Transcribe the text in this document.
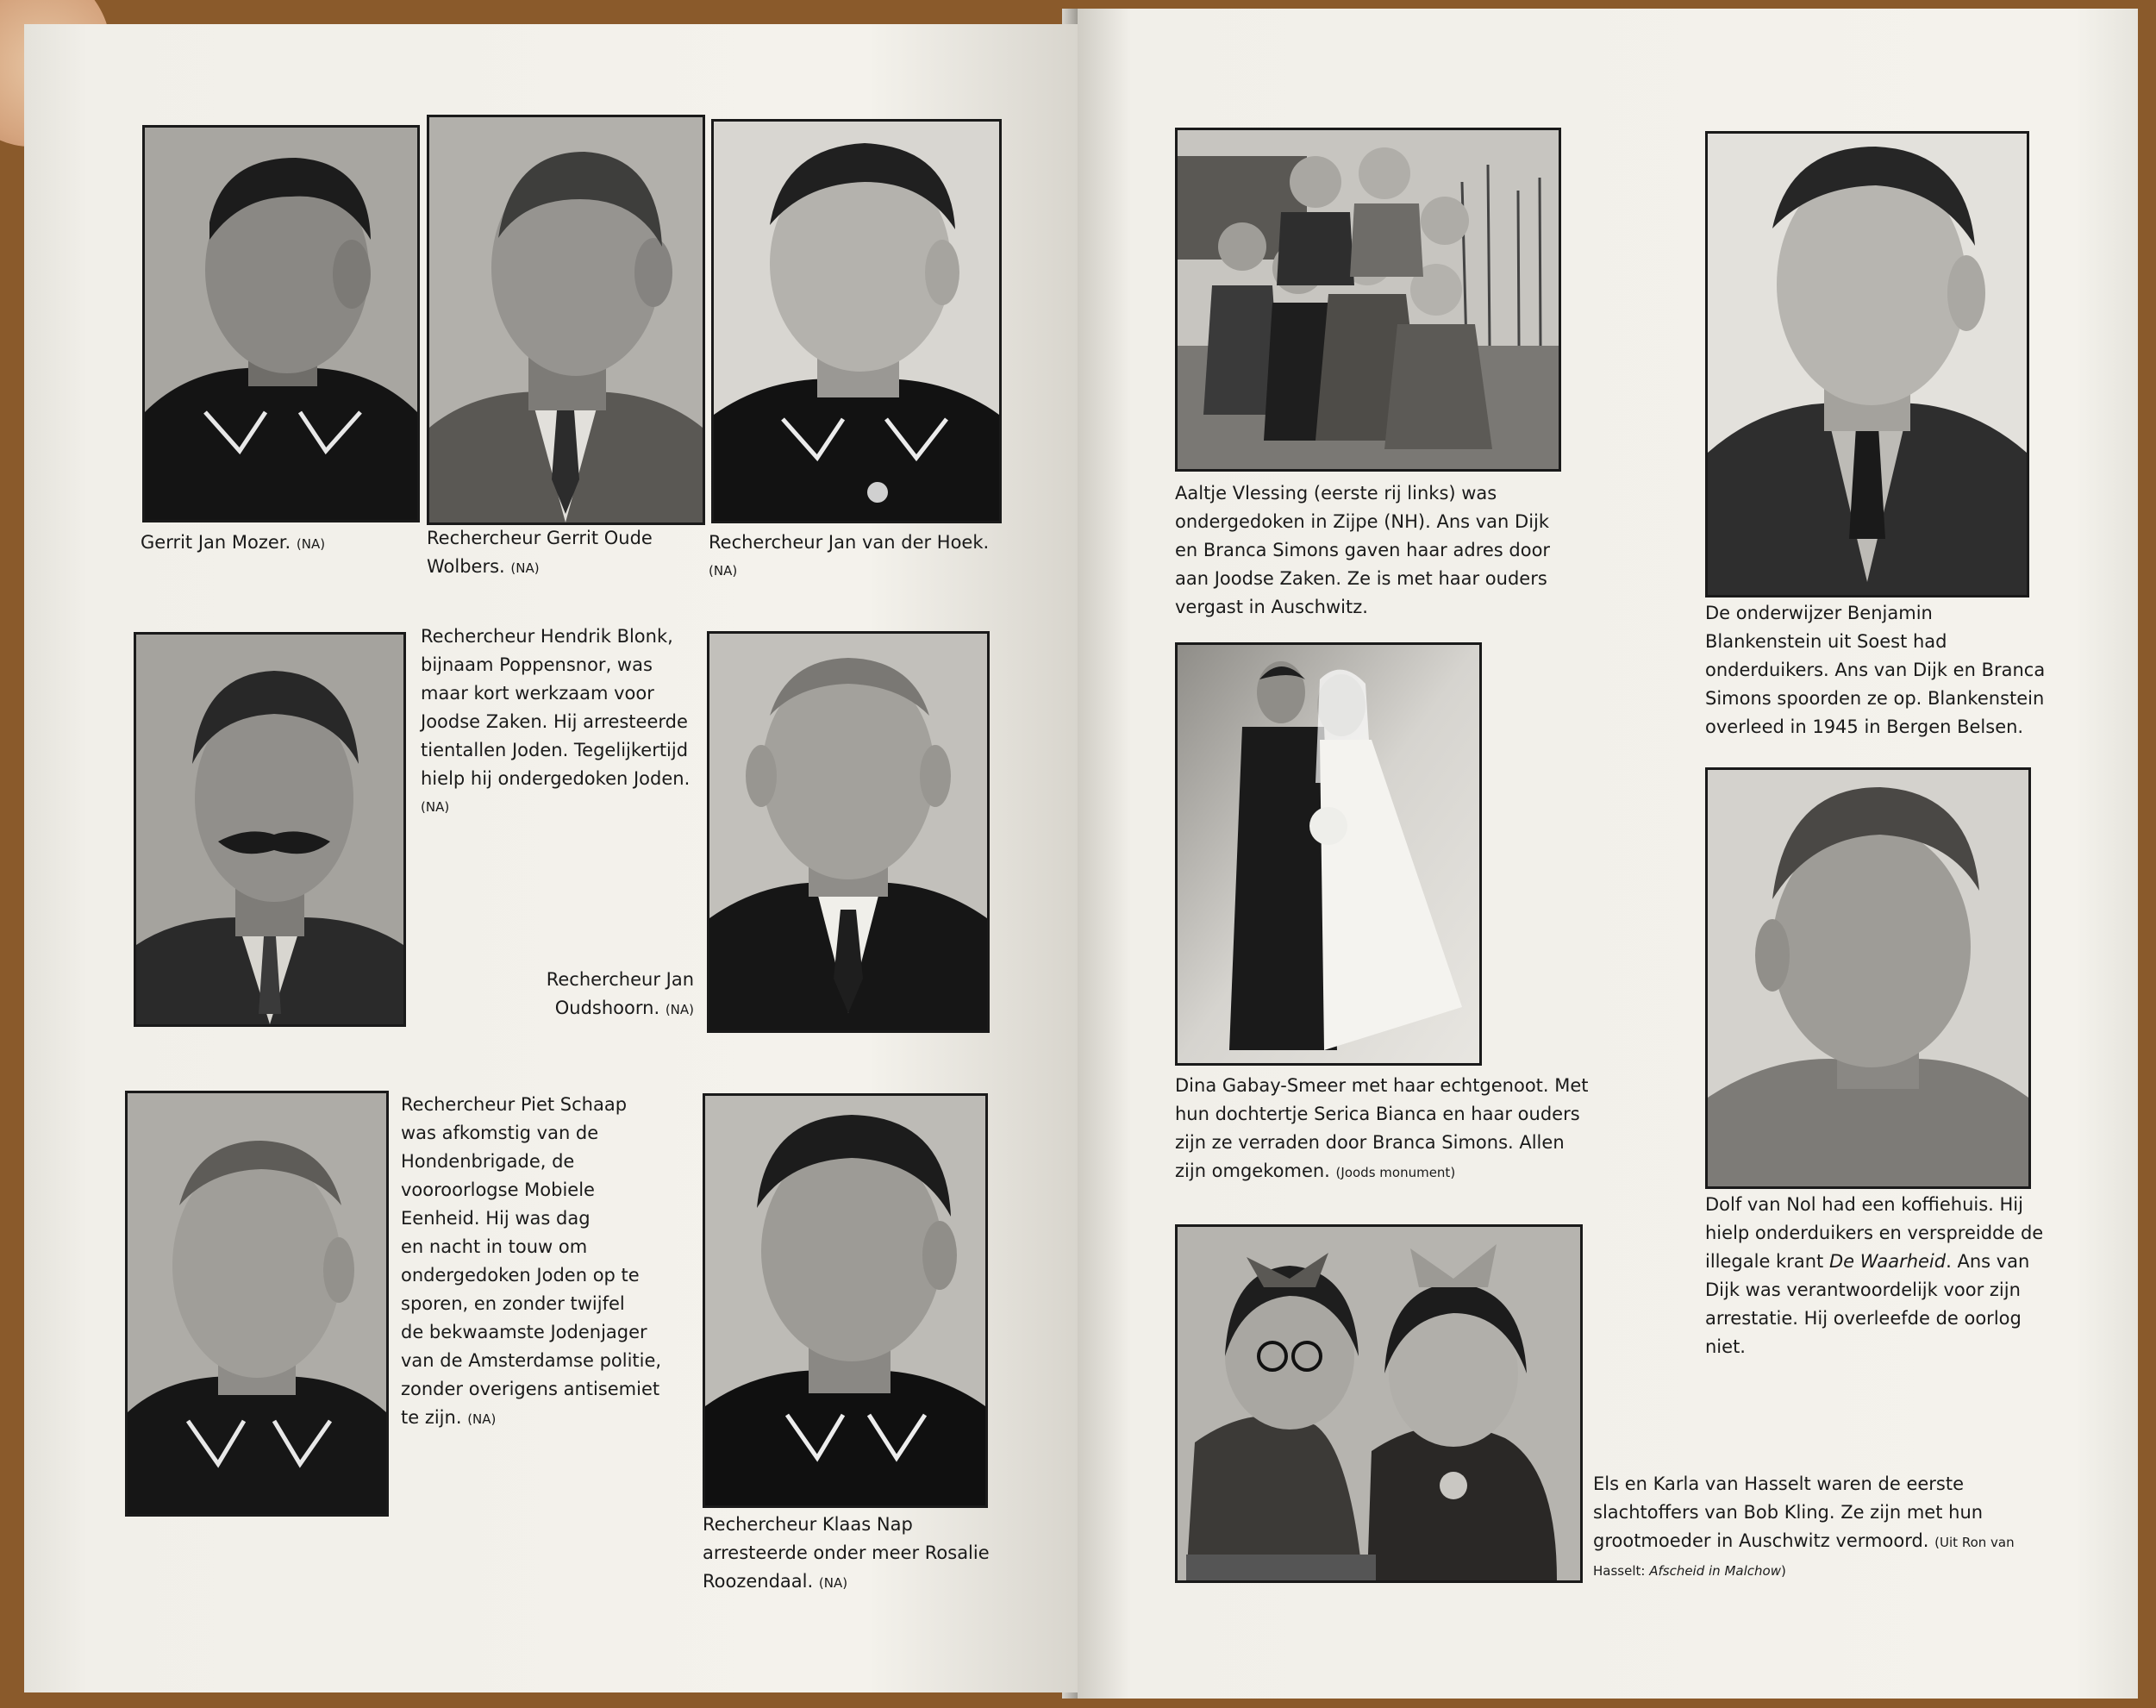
Gerrit Jan Mozer. (NA)	Rechercheur Gerrit Oude
Wolbers. (NA)
Rechercheur Jan van der Hoek.
(NA)
Rechercheur Hendrik Blonk,
bijnaam Poppensnor, was
maar kort werkzaam voor
Joodse Zaken. Hij arresteerde
tientallen Joden. Tegelijkertijd
hielp hij ondergedoken Joden.
(NA)
Rechercheur Jan
Oudshoorn. (NA)
Rechercheur Piet Schaap
was afkomstig van de
Hondenbrigade, de
vooroorlogse Mobiele
Eenheid. Hij was dag
en nacht in touw om
ondergedoken Joden op te
sporen, en zonder twijfel
de bekwaamste Jodenjager
van de Amsterdamse politie,
zonder overigens antisemiet
te zijn. (NA)
Rechercheur Klaas Nap
arresteerde onder meer Rosalie
Roozendaal. (NA)
Aaltje Vlessing (eerste rij links) was
ondergedoken in Zijpe (NH). Ans van Dijk
en Branca Simons gaven haar adres door
aan Joodse Zaken. Ze is met haar ouders
vergast in Auschwitz.	De onderwijzer Benjamin
Blankenstein uit Soest had
onderduikers. Ans van Dijk en Branca
Simons spoorden ze op. Blankenstein
overleed in 1945 in Bergen Belsen.
Dina Gabay-Smeer met haar echtgenoot. Met
hun dochtertje Serica Bianca en haar ouders
zijn ze verraden door Branca Simons. Allen
zijn omgekomen. (Joods monument)
Dolf van Nol had een koffiehuis. Hij
hielp onderduikers en verspreidde de
illegale krant De Waarheid. Ans van
Dijk was verantwoordelijk voor zijn
arrestatie. Hij overleefde de oorlog
niet.
Els en Karla van Hasselt waren de eerste
slachtoffers van Bob Kling. Ze zijn met hun
grootmoeder in Auschwitz vermoord. (Uit Ron van
Hasselt: Afscheid in Malchow)
